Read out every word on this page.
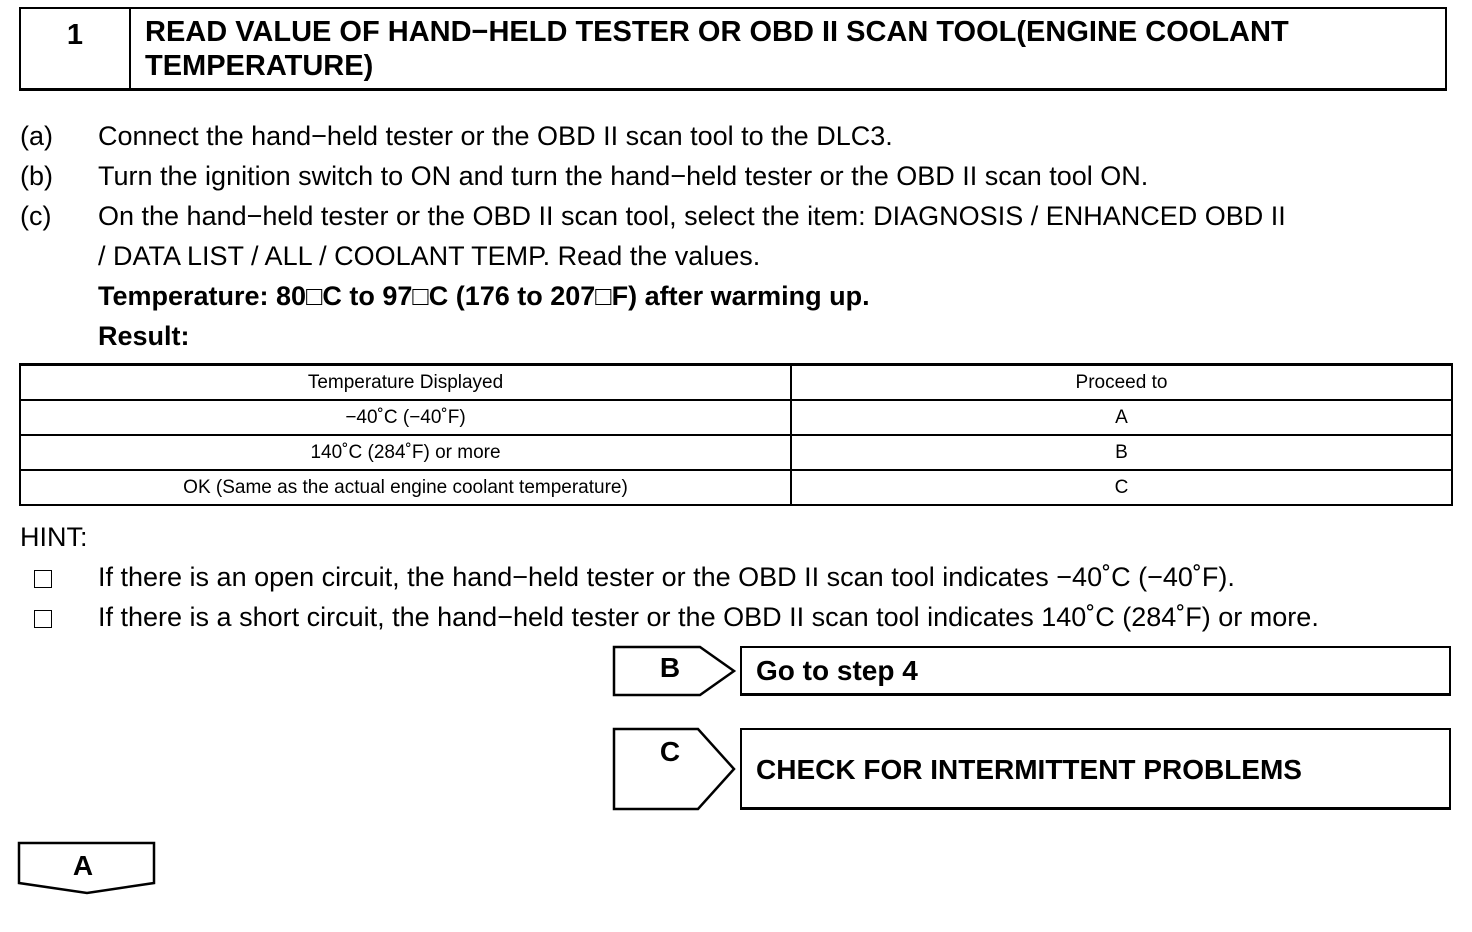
1	READ VALUE OF HAND−HELD TESTER OR OBD II SCAN TOOL(ENGINE COOLANT TEMPERATURE)
(a) Connect the hand−held tester or the OBD II scan tool to the DLC3.
(b) Turn the ignition switch to ON and turn the hand−held tester or the OBD II scan tool ON.
(c) On the hand−held tester or the OBD II scan tool, select the item: DIAGNOSIS / ENHANCED OBD II
/ DATA LIST / ALL / COOLANT TEMP. Read the values.
Temperature: 80□C to 97□C (176 to 207□F) after warming up.
Result:
Temperature Displayed	Proceed to
−40˚C (−40˚F)	A
140˚C (284˚F) or more	B
OK (Same as the actual engine coolant temperature)	C
HINT:
If there is an open circuit, the hand−held tester or the OBD II scan tool indicates −40˚C (−40˚F).
If there is a short circuit, the hand−held tester or the OBD II scan tool indicates 140˚C (284˚F) or more.
B	Go to step 4
C
CHECK FOR INTERMITTENT PROBLEMS
A
